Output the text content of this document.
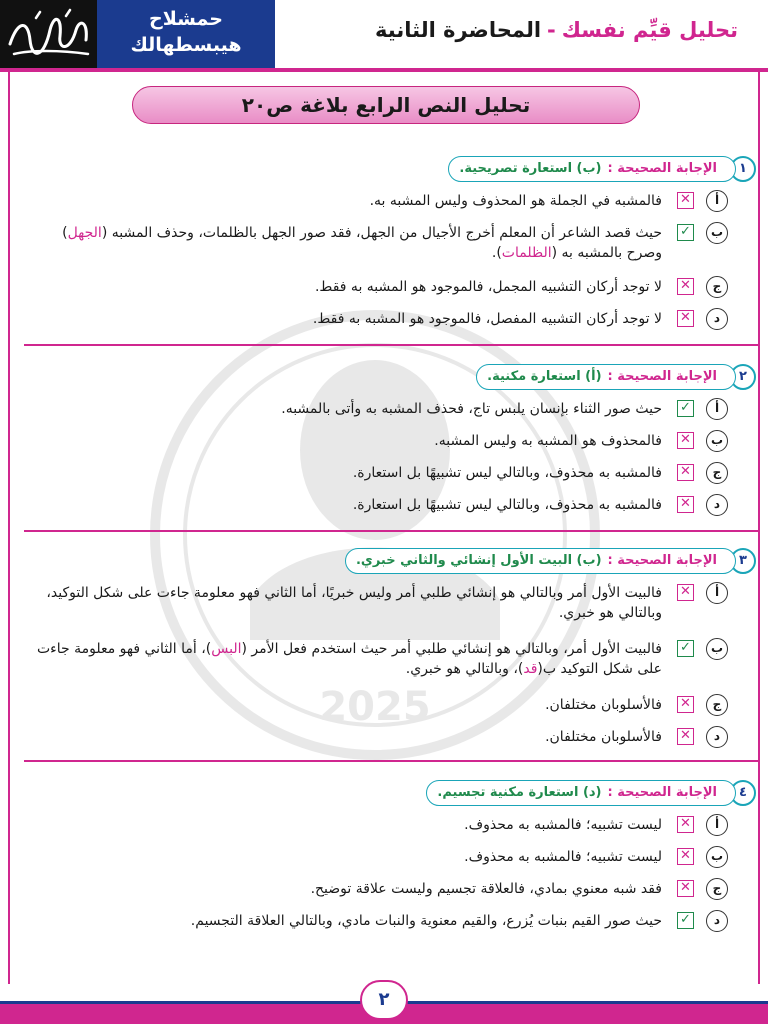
تحليل قيِّم نفسك-المحاضرة الثانية
حمشلاح
هيبسطهالك
2025
تحليل النص الرابع بلاغة ص٢٠
١
الإجابة الصحيحة :(ب) استعارة تصريحية.
أ
✕
فالمشبه في الجملة هو المحذوف وليس المشبه به.
ب
✓
حيث قصد الشاعر أن المعلم أخرج الأجيال من الجهل، فقد صور الجهل بالظلمات، وحذف المشبه (الجهل) وصرح بالمشبه به (الظلمات).
ج
✕
لا توجد أركان التشبيه المجمل، فالموجود هو المشبه به فقط.
د
✕
لا توجد أركان التشبيه المفصل، فالموجود هو المشبه به فقط.
٢
الإجابة الصحيحة :(أ) استعارة مكنية.
أ
✓
حيث صور الثناء بإنسان يلبس تاج، فحذف المشبه به وأتى بالمشبه.
ب
✕
فالمحذوف هو المشبه به وليس المشبه.
ج
✕
فالمشبه به محذوف، وبالتالي ليس تشبيهًا بل استعارة.
د
✕
فالمشبه به محذوف، وبالتالي ليس تشبيهًا بل استعارة.
٣
الإجابة الصحيحة :(ب) البيت الأول إنشائي والثاني خبري.
أ
✕
فالبيت الأول أمر وبالتالي هو إنشائي طلبي أمر وليس خبريًا، أما الثاني فهو معلومة جاءت على شكل التوكيد، وبالتالي هو خبري.
ب
✓
فالبيت الأول أمر، وبالتالي هو إنشائي طلبي أمر حيث استخدم فعل الأمر (البس)، أما الثاني فهو معلومة جاءت على شكل التوكيد ب(قد)، وبالتالي هو خبري.
ج
✕
فالأسلوبان مختلفان.
د
✕
فالأسلوبان مختلفان.
٤
الإجابة الصحيحة :(د) استعارة مكنية تجسيم.
أ
✕
ليست تشبيه؛ فالمشبه به محذوف.
ب
✕
ليست تشبيه؛ فالمشبه به محذوف.
ج
✕
فقد شبه معنوي بمادي، فالعلاقة تجسيم وليست علاقة توضيح.
د
✓
حيث صور القيم بنبات يُزرع، والقيم معنوية والنبات مادي، وبالتالي العلاقة التجسيم.
٢
